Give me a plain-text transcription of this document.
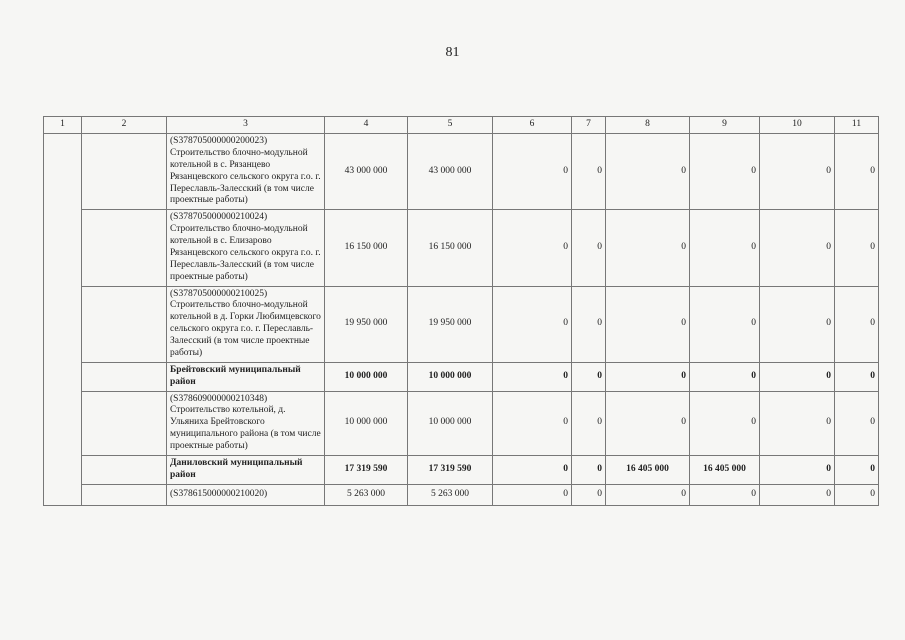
81
1	2	3	4	5	6	7	8	9	10	11
		(S378705000000200023) Строительство блочно-модульной котельной в с. Рязанцево Рязанцевского сельского округа г.о. г. Переславль-Залесский (в том числе проектные работы)	43 000 000	43 000 000	0	0	0	0	0	0
		(S378705000000210024) Строительство блочно-модульной котельной в с. Елизарово Рязанцевского сельского округа г.о. г. Переславль-Залесский (в том числе проектные работы)	16 150 000	16 150 000	0	0	0	0	0	0
		(S378705000000210025) Строительство блочно-модульной котельной в д. Горки Любимцевского сельского округа г.о. г. Переславль-Залесский (в том числе проектные работы)	19 950 000	19 950 000	0	0	0	0	0	0
		Брейтовский муниципальный район	10 000 000	10 000 000	0	0	0	0	0	0
		(S378609000000210348) Строительство котельной, д. Ульяниха Брейтовского муниципального района (в том числе проектные работы)	10 000 000	10 000 000	0	0	0	0	0	0
		Даниловский муниципальный район	17 319 590	17 319 590	0	0	16 405 000	16 405 000	0	0
		(S378615000000210020)	5 263 000	5 263 000	0	0	0	0	0	0
